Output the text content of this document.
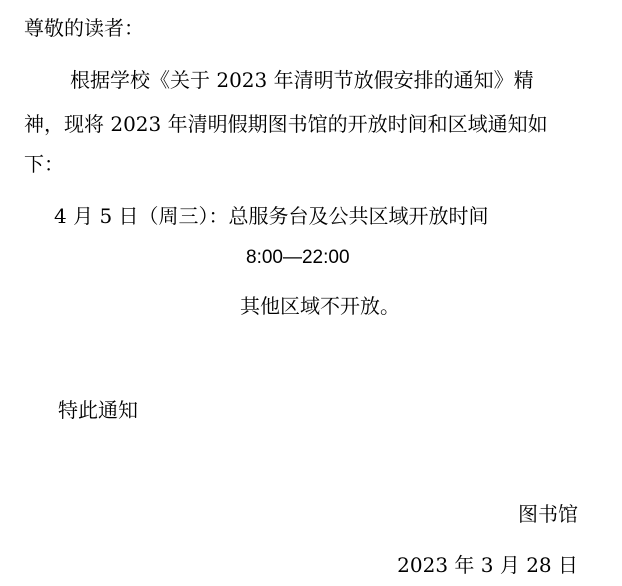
尊敬的读者：
根据学校《关于 2023 年清明节放假安排的通知》精
神，现将 2023 年清明假期图书馆的开放时间和区域通知如
下：
4 月 5 日（周三）：总服务台及公共区域开放时间
8:00—22:00
其他区域不开放。
特此通知
图书馆
2023 年 3 月 28 日
